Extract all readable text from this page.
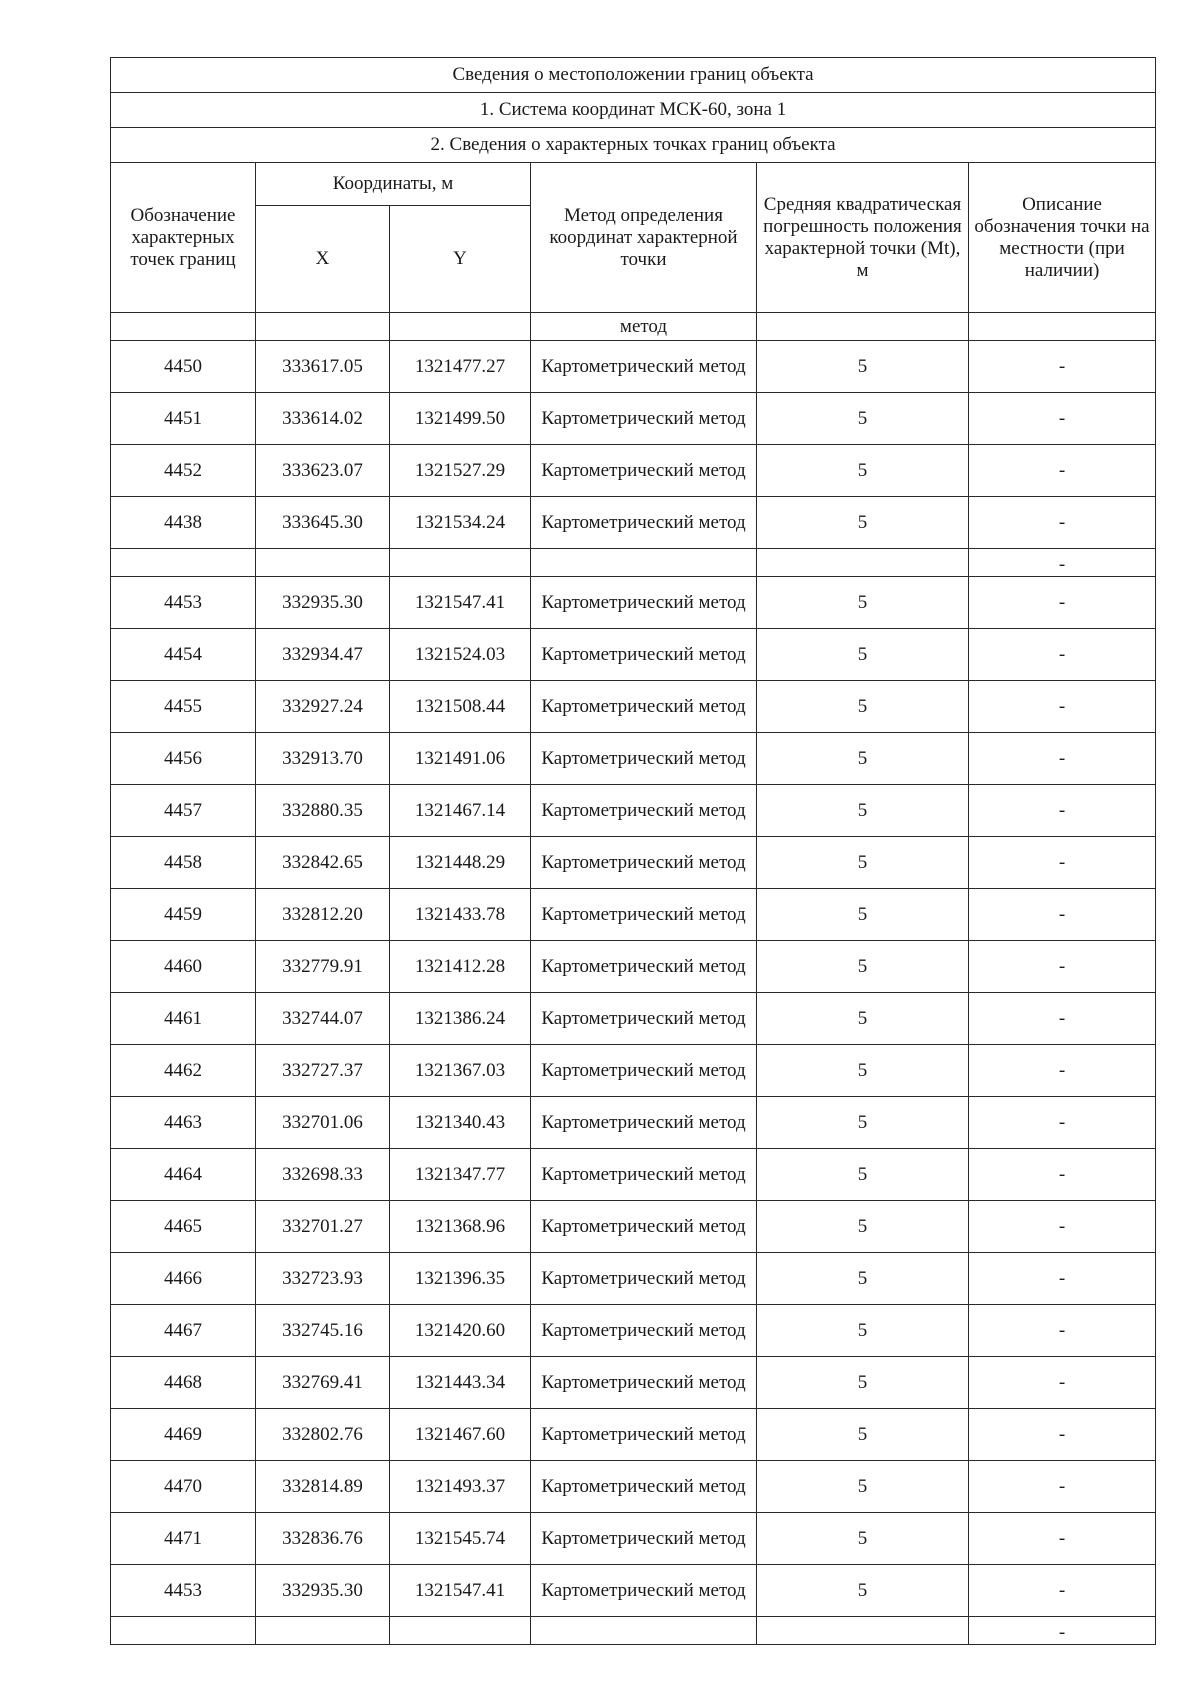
Сведения о местоположении границ объекта					
1. Система координат МСК-60, зона 1					
2. Сведения о характерных точках границ объекта					
Обозначение характерных точек границ	Координаты, м		Метод определения координат характерной точки	Средняя квадратическая погрешность положения характерной точки (Mt), м	Описание обозначения точки на местности (при наличии)
	X	Y			
			метод		
4450	333617.05	1321477.27	Картометрический метод	5	-
4451	333614.02	1321499.50	Картометрический метод	5	-
4452	333623.07	1321527.29	Картометрический метод	5	-
4438	333645.30	1321534.24	Картометрический метод	5	-
					-
4453	332935.30	1321547.41	Картометрический метод	5	-
4454	332934.47	1321524.03	Картометрический метод	5	-
4455	332927.24	1321508.44	Картометрический метод	5	-
4456	332913.70	1321491.06	Картометрический метод	5	-
4457	332880.35	1321467.14	Картометрический метод	5	-
4458	332842.65	1321448.29	Картометрический метод	5	-
4459	332812.20	1321433.78	Картометрический метод	5	-
4460	332779.91	1321412.28	Картометрический метод	5	-
4461	332744.07	1321386.24	Картометрический метод	5	-
4462	332727.37	1321367.03	Картометрический метод	5	-
4463	332701.06	1321340.43	Картометрический метод	5	-
4464	332698.33	1321347.77	Картометрический метод	5	-
4465	332701.27	1321368.96	Картометрический метод	5	-
4466	332723.93	1321396.35	Картометрический метод	5	-
4467	332745.16	1321420.60	Картометрический метод	5	-
4468	332769.41	1321443.34	Картометрический метод	5	-
4469	332802.76	1321467.60	Картометрический метод	5	-
4470	332814.89	1321493.37	Картометрический метод	5	-
4471	332836.76	1321545.74	Картометрический метод	5	-
4453	332935.30	1321547.41	Картометрический метод	5	-
					-
